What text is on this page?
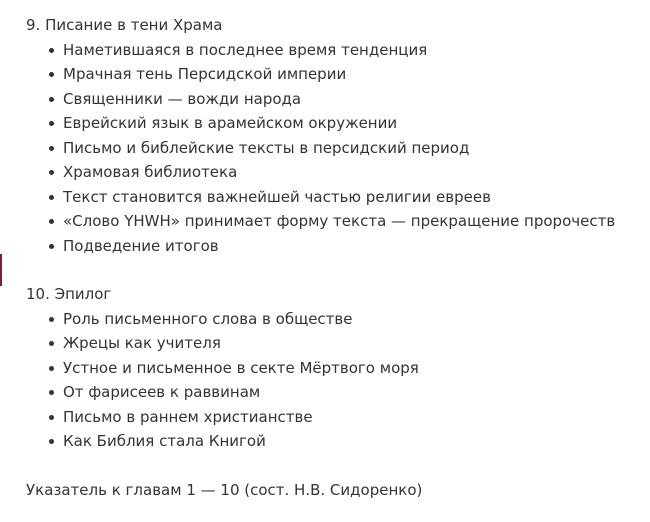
9. Писание в тени Храма
Наметившаяся в последнее время тенденция
Мрачная тень Персидской империи
Священники — вожди народа
Еврейский язык в арамейском окружении
Письмо и библейские тексты в персидский период
Храмовая библиотека
Текст становится важнейшей частью религии евреев
«Слово YHWH» принимает форму текста — прекращение пророчеств
Подведение итогов
10. Эпилог
Роль письменного слова в обществе
Жрецы как учителя
Устное и письменное в секте Мёртвого моря
От фарисеев к раввинам
Письмо в раннем христианстве
Как Библия стала Книгой
Указатель к главам 1 — 10 (сост. Н.В. Сидоренко)
